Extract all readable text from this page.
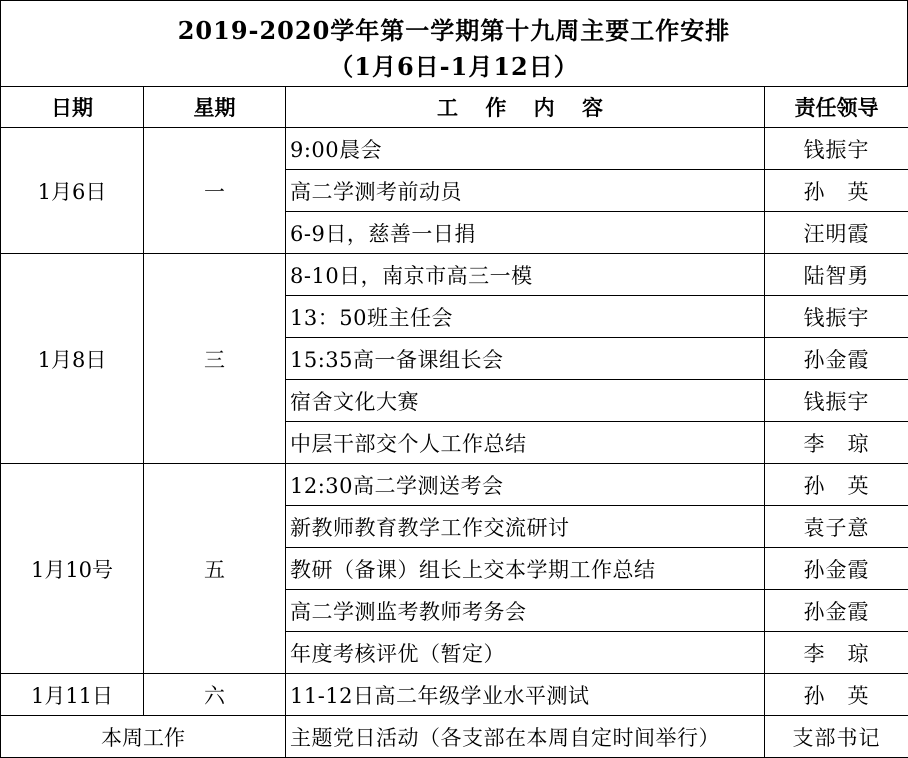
2019-2020学年第一学期第十九周主要工作安排
（1月6日-1月12日）
日期	星期	工 作 内 容	责任领导
1月6日	一	9:00晨会	钱振宇
		高二学测考前动员	孙　英
		6-9日，慈善一日捐	汪明霞
1月8日	三	8-10日，南京市高三一模	陆智勇
		13：50班主任会	钱振宇
		15:35高一备课组长会	孙金霞
		宿舍文化大赛	钱振宇
		中层干部交个人工作总结	李　琼
1月10号	五	12:30高二学测送考会	孙　英
		新教师教育教学工作交流研讨	袁子意
		教研（备课）组长上交本学期工作总结	孙金霞
		高二学测监考教师考务会	孙金霞
		年度考核评优（暂定）	李　琼
1月11日	六	11-12日高二年级学业水平测试	孙　英
本周工作		主题党日活动（各支部在本周自定时间举行）	支部书记
